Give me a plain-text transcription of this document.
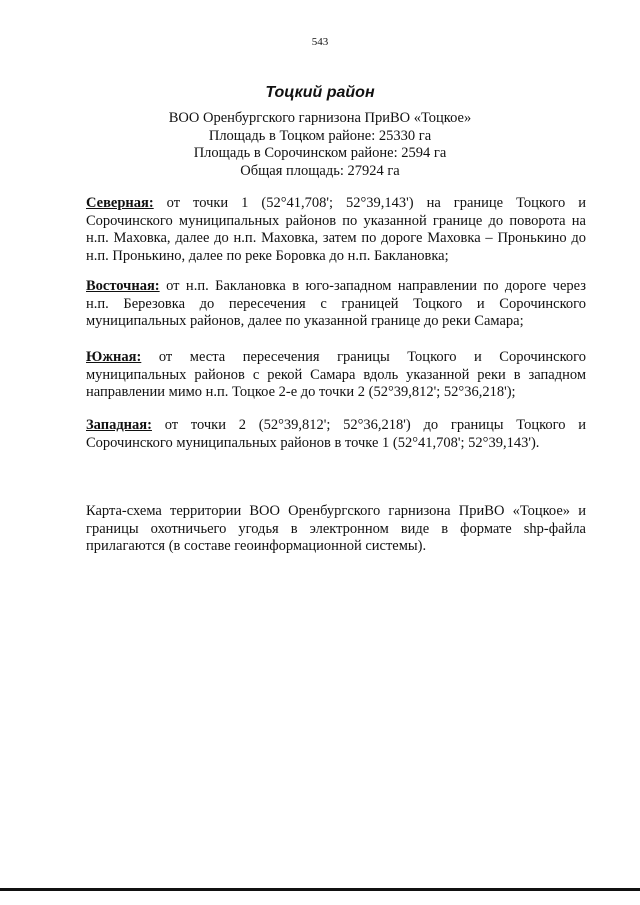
543
Тоцкий район
ВОО Оренбургского гарнизона ПриВО «Тоцкое»
Площадь в Тоцком районе: 25330 га
Площадь в Сорочинском районе: 2594 га
Общая площадь: 27924 га
Северная: от точки 1 (52°41,708'; 52°39,143') на границе Тоцкого и Сорочинского муниципальных районов по указанной границе до поворота на н.п. Маховка, далее до н.п. Маховка, затем по дороге Маховка – Пронькино до н.п. Пронькино, далее по реке Боровка до н.п. Баклановка;
Восточная: от н.п. Баклановка в юго-западном направлении по дороге через н.п. Березовка до пересечения с границей Тоцкого и Сорочинского муниципальных районов, далее по указанной границе до реки Самара;
Южная: от места пересечения границы Тоцкого и Сорочинского муниципальных районов с рекой Самара вдоль указанной реки в западном направлении мимо н.п. Тоцкое 2-е до точки 2 (52°39,812'; 52°36,218');
Западная: от точки 2 (52°39,812'; 52°36,218') до границы Тоцкого и Сорочинского муниципальных районов в точке 1 (52°41,708'; 52°39,143').
Карта-схема территории ВОО Оренбургского гарнизона ПриВО «Тоцкое» и границы охотничьего угодья в электронном виде в формате shp-файла прилагаются (в составе геоинформационной системы).
